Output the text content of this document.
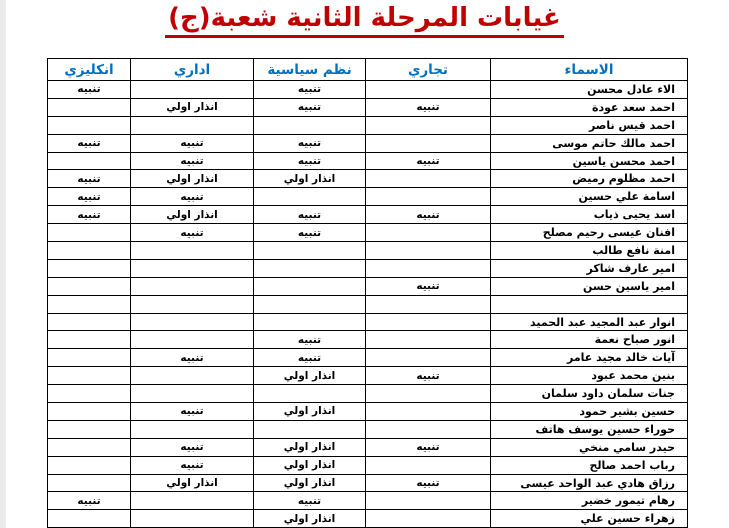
غيابات المرحلة الثانية شعبة(ج)
الاسماء	تجاري	نظم سياسية	اداري	انكليزي
الاء عادل محسن		تنبيه		تنبيه
احمد سعد عودة	تنبيه	تنبيه	انذار اولي	
احمد قيس ناصر				
احمد مالك حاتم موسى		تنبيه	تنبيه	تنبيه
احمد محسن ياسين	تنبيه	تنبيه	تنبيه	
احمد مظلوم رميض		انذار اولي	انذار اولي	تنبيه
اسامة علي حسين			تنبيه	تنبيه
اسد يحيى ذياب	تنبيه	تنبيه	انذار اولي	تنبيه
افنان عيسى رحيم مصلح		تنبيه	تنبيه	
امنة نافع طالب				
امير عارف شاكر				
امير ياسين حسن	تنبيه			

انوار عبد المجيد عبد الحميد				
انور صباح نعمة		تنبيه		
آيات خالد مجيد عامر		تنبيه	تنبيه	
بنين محمد عبود	تنبيه	انذار اولي		
جنات سلمان داود سلمان				
حسين بشير حمود		انذار اولي	تنبيه	
حوراء حسين يوسف هاتف				
حيدر سامي منخي	تنبيه	انذار اولي	تنبيه	
رباب احمد صالح		انذار اولي	تنبيه	
رزاق هادي عبد الواحد عيسى	تنبيه	انذار اولي	انذار اولي	
رهام تيمور خضير		تنبيه		تنبيه
زهراء حسين علي		انذار اولي		
